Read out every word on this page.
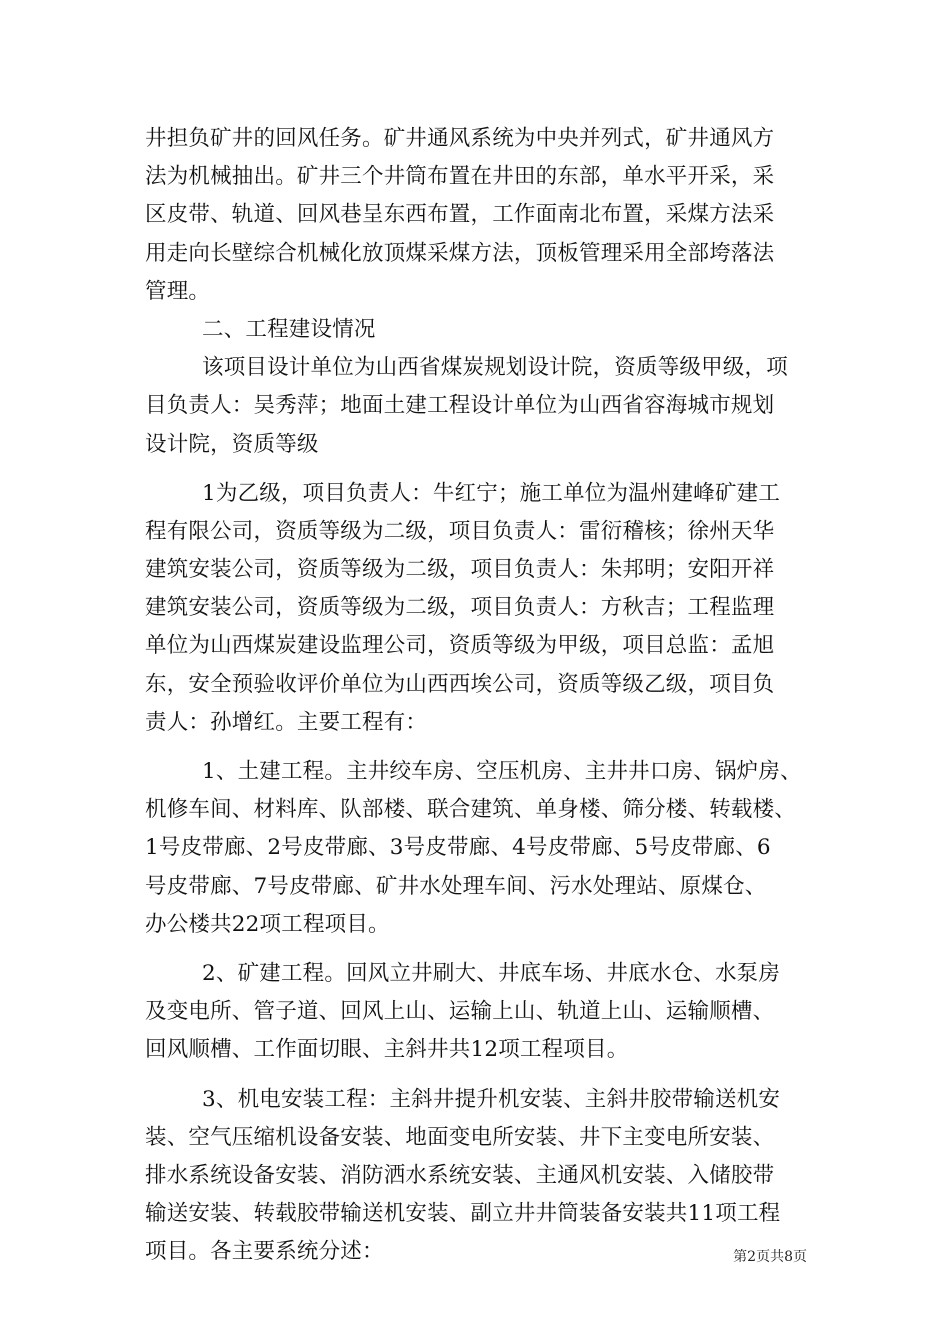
井担负矿井的回风任务。矿井通风系统为中央并列式，矿井通风方
法为机械抽出。矿井三个井筒布置在井田的东部，单水平开采，采
区皮带、轨道、回风巷呈东西布置，工作面南北布置，采煤方法采
用走向长壁综合机械化放顶煤采煤方法，顶板管理采用全部垮落法
管理。
二、工程建设情况
该项目设计单位为山西省煤炭规划设计院，资质等级甲级，项
目负责人：吴秀萍；地面土建工程设计单位为山西省容海城市规划
设计院，资质等级
1为乙级，项目负责人：牛红宁；施工单位为温州建峰矿建工
程有限公司，资质等级为二级，项目负责人：雷衍稽核；徐州天华
建筑安装公司，资质等级为二级，项目负责人：朱邦明；安阳开祥
建筑安装公司，资质等级为二级，项目负责人：方秋吉；工程监理
单位为山西煤炭建设监理公司，资质等级为甲级，项目总监：孟旭
东，安全预验收评价单位为山西西埃公司，资质等级乙级，项目负
责人：孙增红。主要工程有：
1、土建工程。主井绞车房、空压机房、主井井口房、锅炉房、
机修车间、材料库、队部楼、联合建筑、单身楼、筛分楼、转载楼、
1号皮带廊、2号皮带廊、3号皮带廊、4号皮带廊、5号皮带廊、6
号皮带廊、7号皮带廊、矿井水处理车间、污水处理站、原煤仓、
办公楼共22项工程项目。
2、矿建工程。回风立井刷大、井底车场、井底水仓、水泵房
及变电所、管子道、回风上山、运输上山、轨道上山、运输顺槽、
回风顺槽、工作面切眼、主斜井共12项工程项目。
3、机电安装工程：主斜井提升机安装、主斜井胶带输送机安
装、空气压缩机设备安装、地面变电所安装、井下主变电所安装、
排水系统设备安装、消防洒水系统安装、主通风机安装、入储胶带
输送安装、转载胶带输送机安装、副立井井筒装备安装共11项工程
项目。各主要系统分述：	第2页共8页
